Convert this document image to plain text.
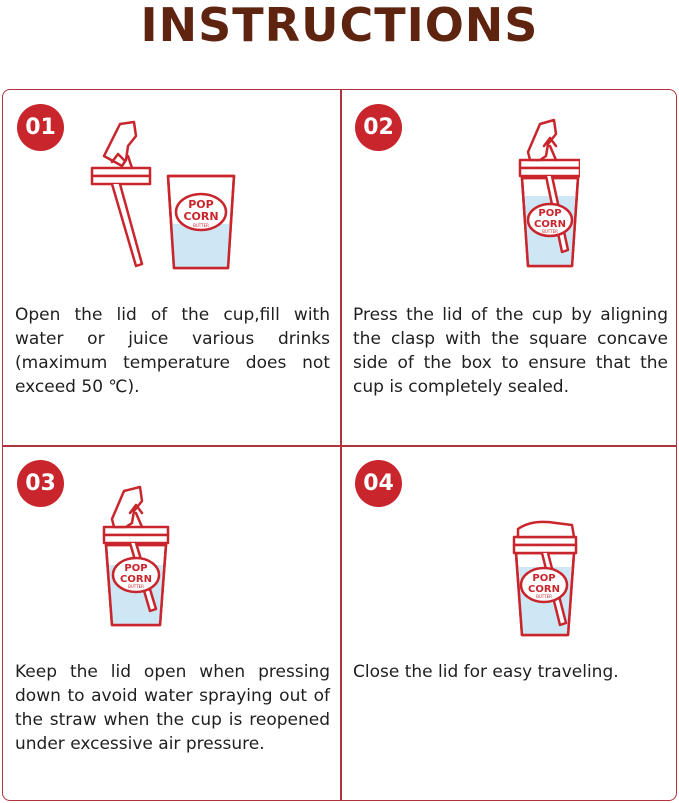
INSTRUCTIONS
01
POP
CORN
BUTTER
Open the lid of the cup,fill with water or juice various drinks (maximum temperature does not exceed 50 ℃).
02
POP
CORN
BUTTER
Press the lid of the cup by aligning the clasp with the square concave side of the box to ensure that the cup is completely sealed.
03
POP
CORN
BUTTER
Keep the lid open when pressing down to avoid water spraying out of the straw when the cup is reopened under excessive air pressure.
04
POP
CORN
BUTTER
Close the lid for easy traveling.
